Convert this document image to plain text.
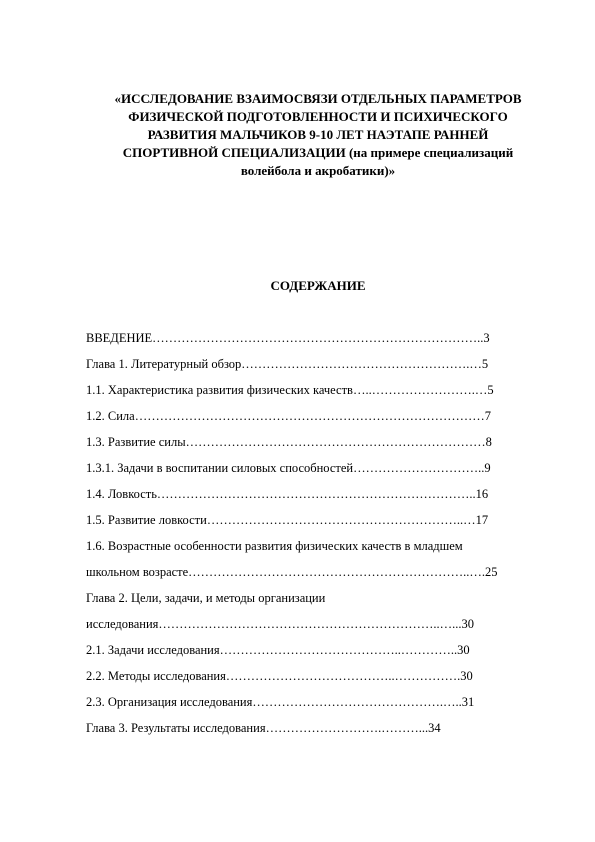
«ИССЛЕДОВАНИЕ ВЗАИМОСВЯЗИ ОТДЕЛЬНЫХ ПАРАМЕТРОВ
ФИЗИЧЕСКОЙ ПОДГОТОВЛЕННОСТИ И ПСИХИЧЕСКОГО
РАЗВИТИЯ МАЛЬЧИКОВ 9-10 ЛЕТ НАЭТАПЕ РАННЕЙ
СПОРТИВНОЙ СПЕЦИАЛИЗАЦИИ (на примере специализаций
волейбола и акробатики)»
СОДЕРЖАНИЕ
ВВЕДЕНИЕ……………………………………………………………………..3
Глава 1. Литературный обзор……………………………………………….…5
1.1. Характеристика развития физических качеств…..…………………….…5
1.2. Сила…………………………………………………………………………7
1.3. Развитие силы………………………………………………………………8
1.3.1. Задачи в воспитании силовых способностей…………………………..9
1.4. Ловкость…………………………………………………………………..16
1.5. Развитие ловкости……………………………………………………..…17
1.6. Возрастные особенности развития физических качеств в младшем
школьном возрасте…………………………………………………………..….25
Глава 2. Цели, задачи, и методы организации
исследования…………………………………………………………..…...30
2.1. Задачи исследования……………………………………..…………..30
2.2. Методы исследования…………………………………..…………….30
2.3. Организация исследования……………………………………….…..31
Глава 3. Результаты исследования……………………….………...34
